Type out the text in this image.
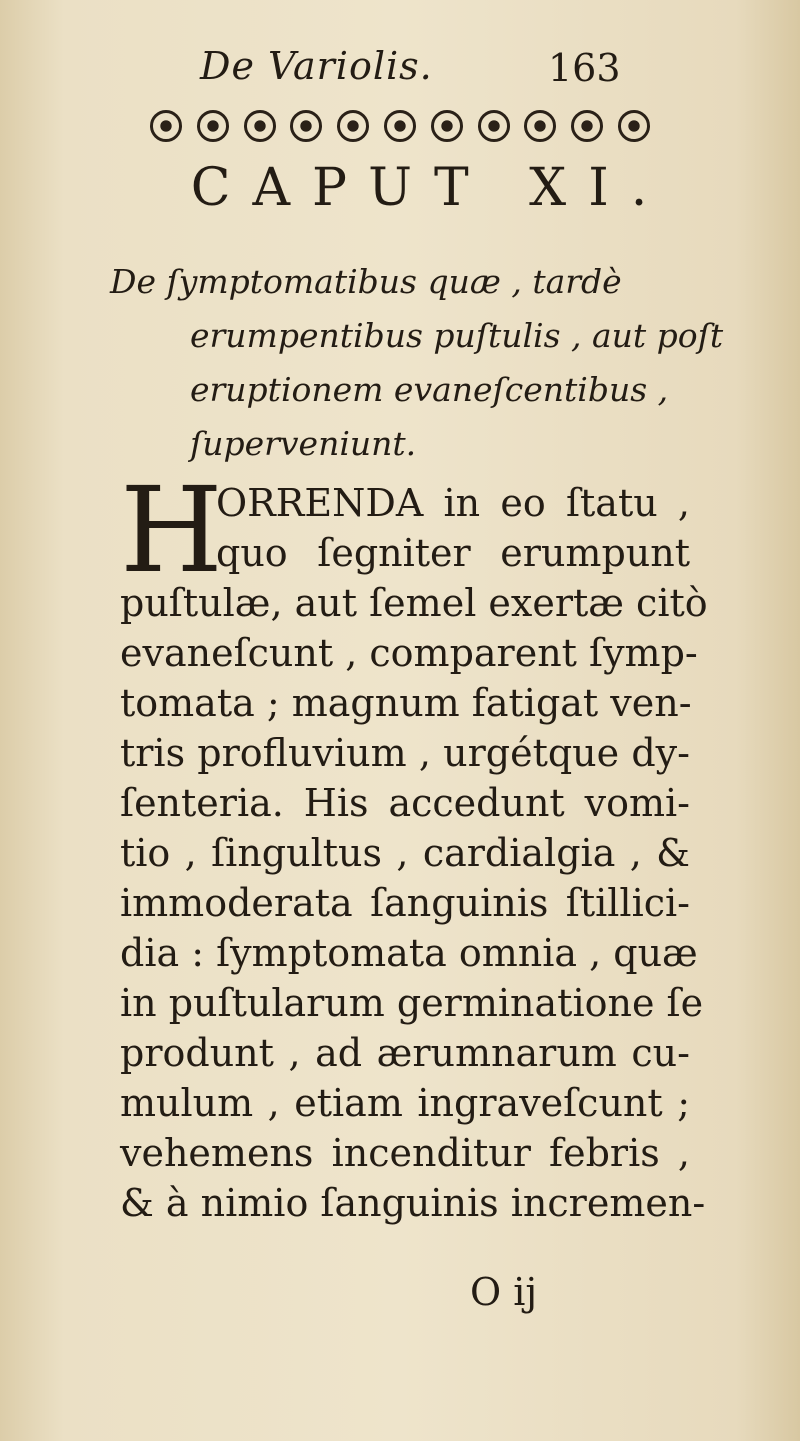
De Variolis.	163
CAPUT XI.
De ſymptomatibus quæ , tardè
erumpentibus puſtulis , aut poſt
eruptionem evaneſcentibus ,
ſuperveniunt.
H
ORRENDA in eo ſtatu ,
quo ſegniter erumpunt
puſtulæ, aut ſemel exertæ citò
evaneſcunt , comparent ſymp-
tomata ; magnum fatigat ven-
tris profluvium , urgétque dy-
ſenteria. His accedunt vomi-
tio , ſingultus , cardialgia , &
immoderata ſanguinis ſtillici-
dia : ſymptomata omnia , quæ
in puſtularum germinatione ſe
produnt , ad ærumnarum cu-
mulum , etiam ingraveſcunt ;
vehemens incenditur febris ,
& à nimio ſanguinis incremen-
O ij
